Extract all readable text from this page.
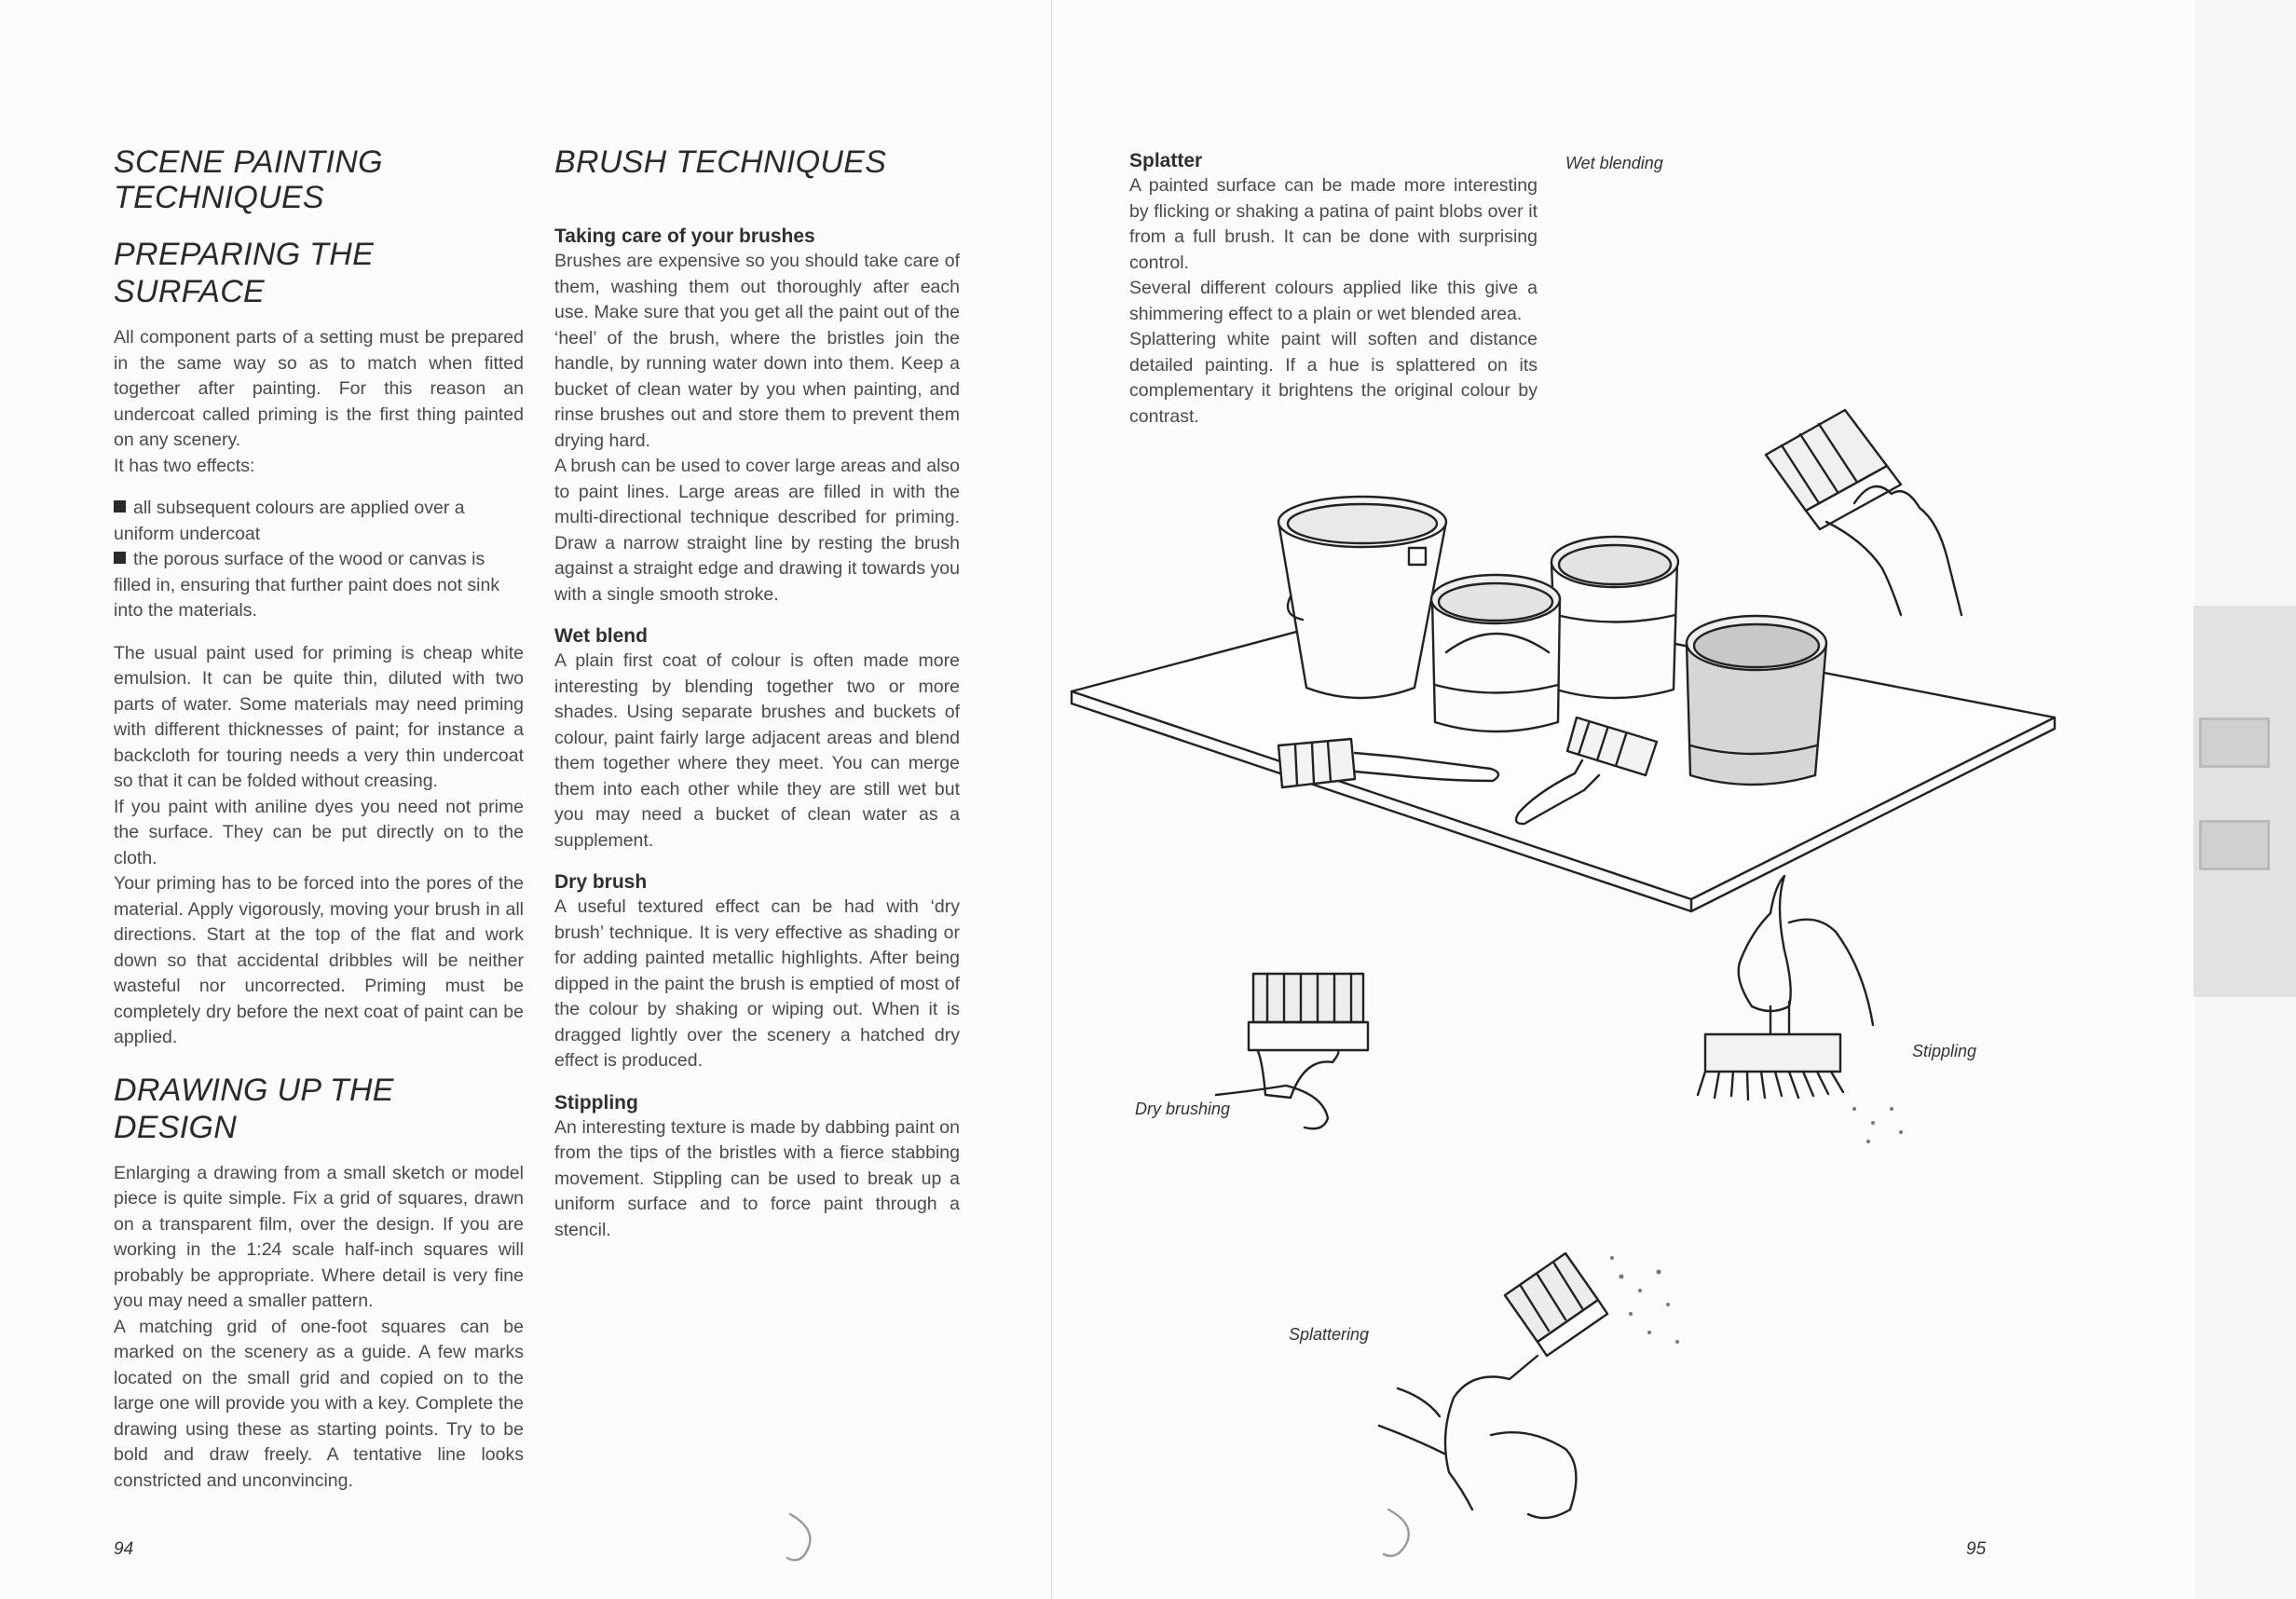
SCENE PAINTING TECHNIQUES
PREPARING THE SURFACE

All component parts of a setting must be prepared in the same way so as to match when fitted together after painting. For this reason an undercoat called priming is the first thing painted on any scenery.

It has two effects:

all subsequent colours are applied over a uniform undercoat
the porous surface of the wood or canvas is filled in, ensuring that further paint does not sink into the materials.

The usual paint used for priming is cheap white emulsion. It can be quite thin, diluted with two parts of water. Some materials may need priming with different thicknesses of paint; for instance a backcloth for touring needs a very thin undercoat so that it can be folded without creasing.

If you paint with aniline dyes you need not prime the surface. They can be put directly on to the cloth.

Your priming has to be forced into the pores of the material. Apply vigorously, moving your brush in all directions. Start at the top of the flat and work down so that accidental dribbles will be neither wasteful nor uncorrected. Priming must be completely dry before the next coat of paint can be applied.

DRAWING UP THE DESIGN

Enlarging a drawing from a small sketch or model piece is quite simple. Fix a grid of squares, drawn on a transparent film, over the design. If you are working in the 1:24 scale half-inch squares will probably be appropriate. Where detail is very fine you may need a smaller pattern.

A matching grid of one-foot squares can be marked on the scenery as a guide. A few marks located on the small grid and copied on to the large one will provide you with a key. Complete the drawing using these as starting points. Try to be bold and draw freely. A tentative line looks constricted and unconvincing.

BRUSH TECHNIQUES
Taking care of your brushes

Brushes are expensive so you should take care of them, washing them out thoroughly after each use. Make sure that you get all the paint out of the ‘heel’ of the brush, where the bristles join the handle, by running water down into them. Keep a bucket of clean water by you when painting, and rinse brushes out and store them to prevent them drying hard.

A brush can be used to cover large areas and also to paint lines. Large areas are filled in with the multi-directional technique described for priming. Draw a narrow straight line by resting the brush against a straight edge and drawing it towards you with a single smooth stroke.

Wet blend

A plain first coat of colour is often made more interesting by blending together two or more shades. Using separate brushes and buckets of colour, paint fairly large adjacent areas and blend them together where they meet. You can merge them into each other while they are still wet but you may need a bucket of clean water as a supplement.

Dry brush

A useful textured effect can be had with ‘dry brush’ technique. It is very effective as shading or for adding painted metallic highlights. After being dipped in the paint the brush is emptied of most of the colour by shaking or wiping out. When it is dragged lightly over the scenery a hatched dry effect is produced.

Stippling

An interesting texture is made by dabbing paint on from the tips of the bristles with a fierce stabbing movement. Stippling can be used to break up a uniform surface and to force paint through a stencil.

94
Splatter

A painted surface can be made more interesting by flicking or shaking a patina of paint blobs over it from a full brush. It can be done with surprising control.

Several different colours applied like this give a shimmering effect to a plain or wet blended area.

Splattering white paint will soften and distance detailed painting. If a hue is splattered on its complementary it brightens the original colour by contrast.

Wet blending
Dry brushing
Stippling
Splattering
95
